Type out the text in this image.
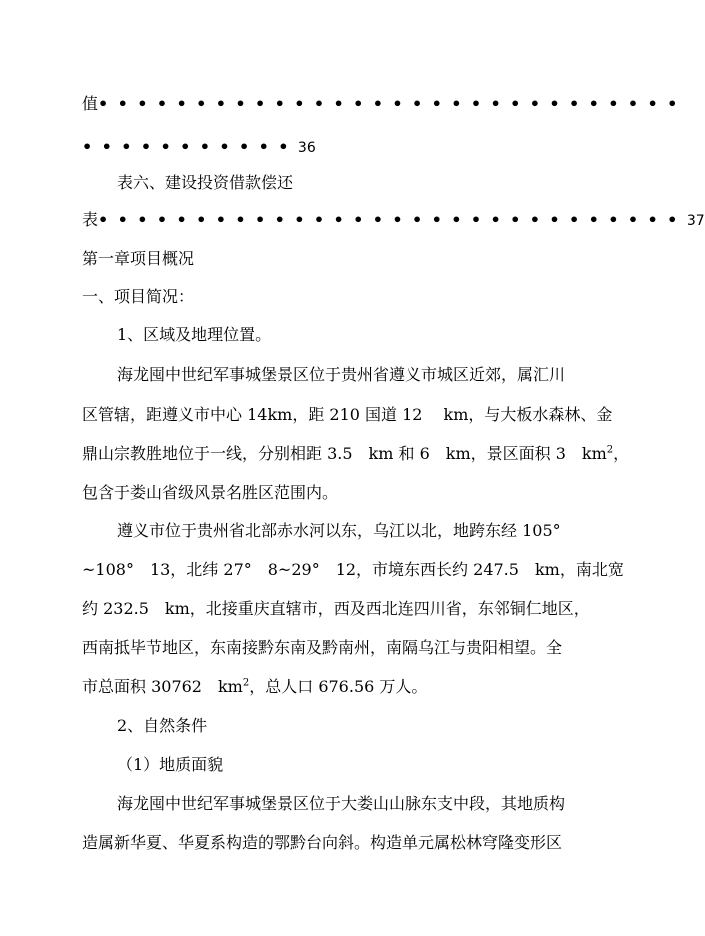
值••••••••••••••••••••••••••••••
•••••••••••36
表六、建设投资借款偿还
表••••••••••••••••••••••••••••••37
第一章项目概况
一、项目简况：
1、区域及地理位置。
海龙囤中世纪军事城堡景区位于贵州省遵义市城区近郊，属汇川
区管辖，距遵义市中心 14km，距 210 国道 12　 km，与大板水森林、金
鼎山宗教胜地位于一线，分别相距 3.5　km 和 6　km，景区面积 3　$km^2$，
包含于娄山省级风景名胜区范围内。
遵义市位于贵州省北部赤水河以东，乌江以北，地跨东经 105°
~108°　13，北纬 27°　8~29°　12，市境东西长约 247.5　km，南北宽
约 232.5　km，北接重庆直辖市，西及西北连四川省，东邻铜仁地区，
西南抵毕节地区，东南接黔东南及黔南州，南隔乌江与贵阳相望。全
市总面积 30762　$km^2$，总人口 676.56 万人。
2、自然条件
（1）地质面貌
海龙囤中世纪军事城堡景区位于大娄山山脉东支中段，其地质构
造属新华夏、华夏系构造的鄂黔台向斜。构造单元属松林穹隆变形区
